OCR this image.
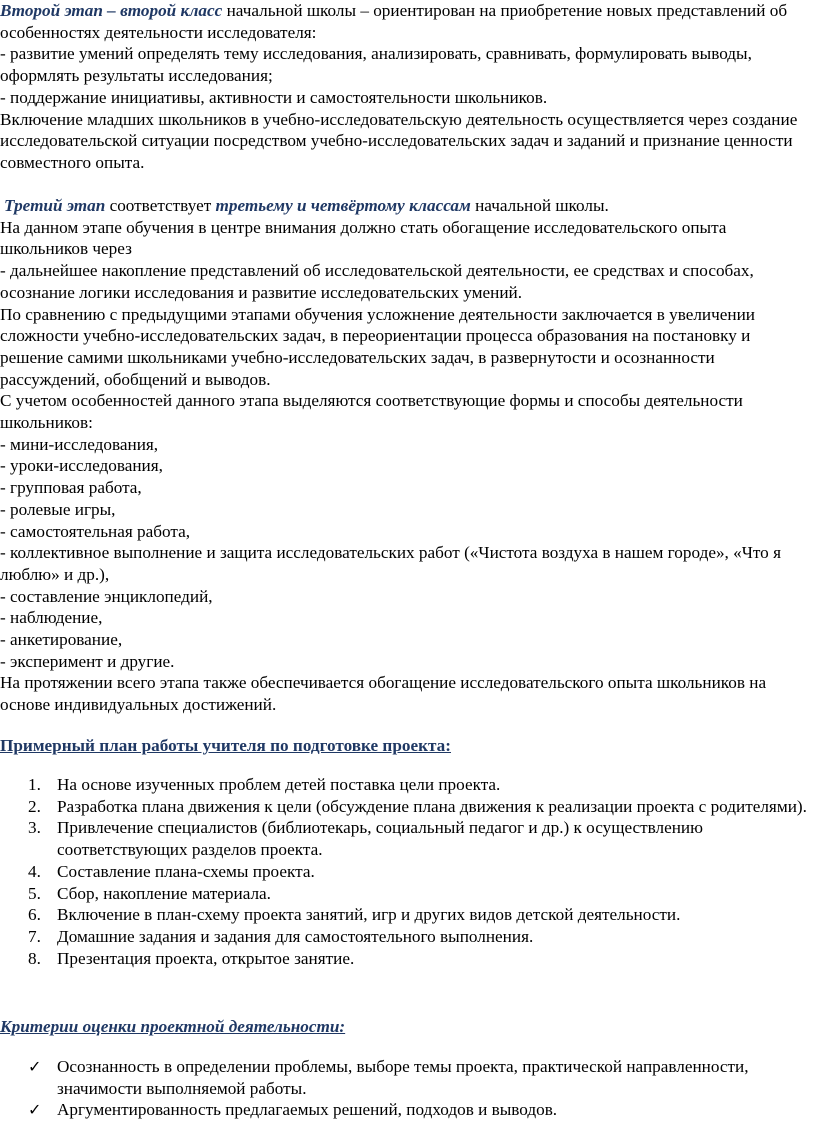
Второй этап – второй класс начальной школы – ориентирован на приобретение новых представлений об особенностях деятельности исследователя:

- развитие умений определять тему исследования, анализировать, сравнивать, формулировать выводы, оформлять результаты исследования;

- поддержание инициативы, активности и самостоятельности школьников.

Включение младших школьников в учебно-исследовательскую деятельность осуществляется через создание исследовательской ситуации посредством учебно-исследовательских задач и заданий и признание ценности совместного опыта.

Третий этап соответствует третьему и четвёртому классам начальной школы.

На данном этапе обучения в центре внимания должно стать обогащение исследовательского опыта школьников через

- дальнейшее накопление представлений об исследовательской деятельности, ее средствах и способах, осознание логики исследования и развитие исследовательских умений.

По сравнению с предыдущими этапами обучения усложнение деятельности заключается в увеличении сложности учебно-исследовательских задач, в переориентации процесса образования на постановку и решение самими школьниками учебно-исследовательских задач, в развернутости и осознанности рассуждений, обобщений и выводов.

С учетом особенностей данного этапа выделяются соответствующие формы и способы деятельности школьников:

- мини-исследования,

- уроки-исследования,

- групповая работа,

- ролевые игры,

- самостоятельная работа,

- коллективное выполнение и защита исследовательских работ («Чистота воздуха в нашем городе», «Что я люблю» и др.),

- составление энциклопедий,

- наблюдение,

- анкетирование,

- эксперимент и другие.

На протяжении всего этапа также обеспечивается обогащение исследовательского опыта школьников на основе индивидуальных достижений.

Примерный план работы учителя по подготовке проекта:
1. На основе изученных проблем детей поставка цели проекта.
2. Разработка плана движения к цели (обсуждение плана движения к реализации проекта с родителями).
3. Привлечение специалистов (библиотекарь, социальный педагог и др.) к осуществлению соответствующих разделов проекта.
4. Составление плана-схемы проекта.
5. Сбор, накопление материала.
6. Включение в план-схему проекта занятий, игр и других видов детской деятельности.
7. Домашние задания и задания для самостоятельного выполнения.
8. Презентация проекта, открытое занятие.
Критерии оценки проектной деятельности:
✓ Осознанность в определении проблемы, выборе темы проекта, практической направленности, значимости выполняемой работы.
✓ Аргументированность предлагаемых решений, подходов и выводов.
